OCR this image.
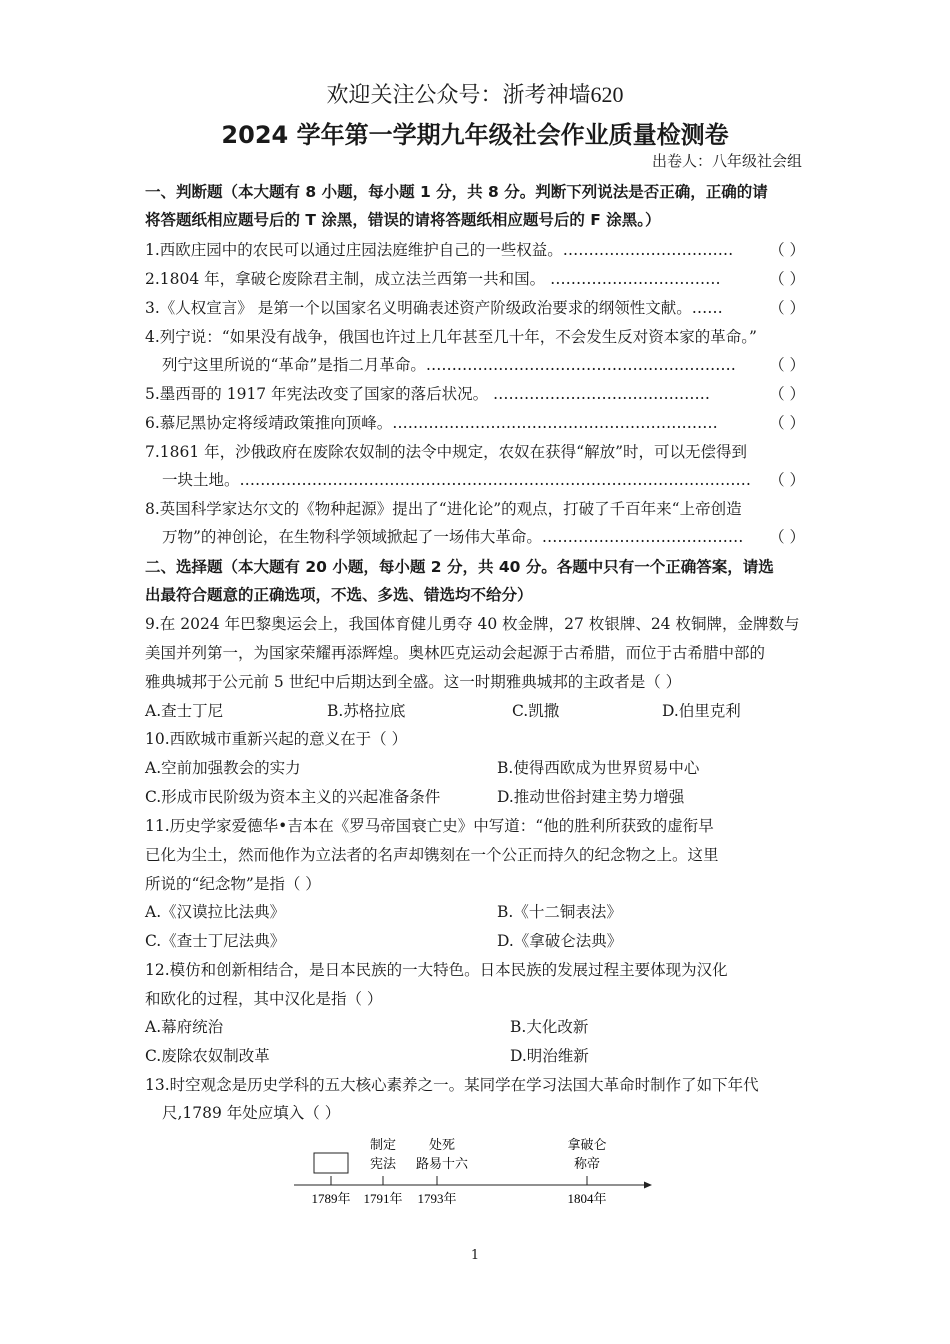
欢迎关注公众号：浙考神墙620
2024 学年第一学期九年级社会作业质量检测卷
出卷人：八年级社会组
一、判断题（本大题有 8 小题，每小题 1 分，共 8 分。判断下列说法是否正确，正确的请
将答题纸相应题号后的 T 涂黑，错误的请将答题纸相应题号后的 F 涂黑。）
1.西欧庄园中的农民可以通过庄园法庭维护自己的一些权益。…………………………… （ ）
2.1804 年，拿破仑废除君主制，成立法兰西第一共和国。 ……………………………	（ ）
3.《人权宣言》 是第一个以国家名义明确表述资产阶级政治要求的纲领性文献。……	（ ）
4.列宁说：“如果没有战争，俄国也许过上几年甚至几十年，不会发生反对资本家的革命。”
列宁这里所说的“革命”是指二月革命。…………………………………………………… （ ）
5.墨西哥的 1917 年宪法改变了国家的落后状况。 ……………………………………	（ ）
6.慕尼黑协定将绥靖政策推向顶峰。………………………………………………………	（ ）
7.1861 年，沙俄政府在废除农奴制的法令中规定，农奴在获得“解放”时，可以无偿得到
一块土地。……………………………………………………………………………………… （ ）
8.英国科学家达尔文的《物种起源》提出了“进化论”的观点，打破了千百年来“上帝创造
万物”的神创论，在生物科学领域掀起了一场伟大革命。………………………………… （ ）
二、选择题（本大题有 20 小题，每小题 2 分，共 40 分。各题中只有一个正确答案，请选
出最符合题意的正确选项，不选、多选、错选均不给分）
9.在 2024 年巴黎奥运会上，我国体育健儿勇夺 40 枚金牌，27 枚银牌、24 枚铜牌，金牌数与
美国并列第一，为国家荣耀再添辉煌。奥林匹克运动会起源于古希腊，而位于古希腊中部的
雅典城邦于公元前 5 世纪中后期达到全盛。这一时期雅典城邦的主政者是（ ）
A.查士丁尼	B.苏格拉底	C.凯撒	D.伯里克利
10.西欧城市重新兴起的意义在于（ ）
A.空前加强教会的实力	B.使得西欧成为世界贸易中心
C.形成市民阶级为资本主义的兴起准备条件	D.推动世俗封建主势力增强
11.历史学家爱德华•吉本在《罗马帝国衰亡史》中写道：“他的胜利所获致的虚衔早
已化为尘土，然而他作为立法者的名声却镌刻在一个公正而持久的纪念物之上。这里
所说的“纪念物”是指（ ）
A.《汉谟拉比法典》	B.《十二铜表法》
C.《查士丁尼法典》	D.《拿破仑法典》
12.模仿和创新相结合，是日本民族的一大特色。日本民族的发展过程主要体现为汉化
和欧化的过程，其中汉化是指（ ）
A.幕府统治	B.大化改新
C.废除农奴制改革	D.明治维新
13.时空观念是历史学科的五大核心素养之一。某同学在学习法国大革命时制作了如下年代
尺,1789 年处应填入（ ）
制定
宪法
处死
路易十六
拿破仑
称帝
1789年 1791年 1793年	1804年
1
